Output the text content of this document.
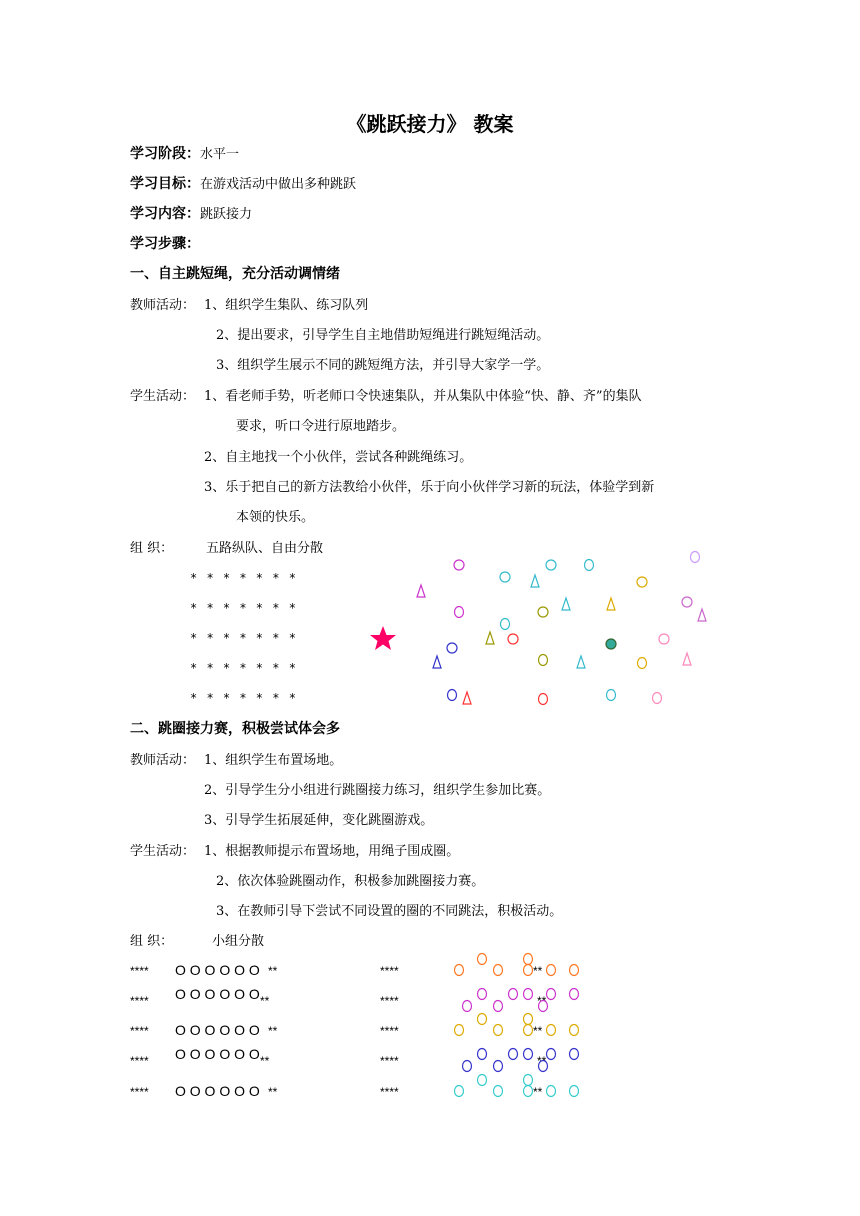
《跳跃接力》 教案
学习阶段：水平一
学习目标：在游戏活动中做出多种跳跃
学习内容：跳跃接力
学习步骤：
一、自主跳短绳，充分活动调情绪
教师活动： 1、组织学生集队、练习队列
2、提出要求，引导学生自主地借助短绳进行跳短绳活动。
3、组织学生展示不同的跳短绳方法，并引导大家学一学。
学生活动： 1、看老师手势，听老师口令快速集队，并从集队中体验“快、静、齐”的集队
要求，听口令进行原地踏步。
2、自主地找一个小伙伴，尝试各种跳绳练习。
3、乐于把自己的新方法教给小伙伴，乐于向小伙伴学习新的玩法，体验学到新
本领的快乐。
组 织：	五路纵队、自由分散
* * * * * * *
* * * * * * *
* * * * * * *
* * * * * * *
* * * * * * *
二、跳圈接力赛，积极尝试体会多
教师活动： 1、组织学生布置场地。
2、引导学生分小组进行跳圈接力练习，组织学生参加比赛。
3、引导学生拓展延伸，变化跳圈游戏。
学生活动： 1、根据教师提示布置场地，用绳子围成圈。
2、依次体验跳圈动作，积极参加跳圈接力赛。
3、在教师引导下尝试不同设置的圈的不同跳法，积极活动。
组 织：	小组分散
**** O O O O O O **	****	**
**** O O O O O O **	****	**
**** O O O O O O **	****	**
**** O O O O O O **	****	**
**** O O O O O O **	****	**
